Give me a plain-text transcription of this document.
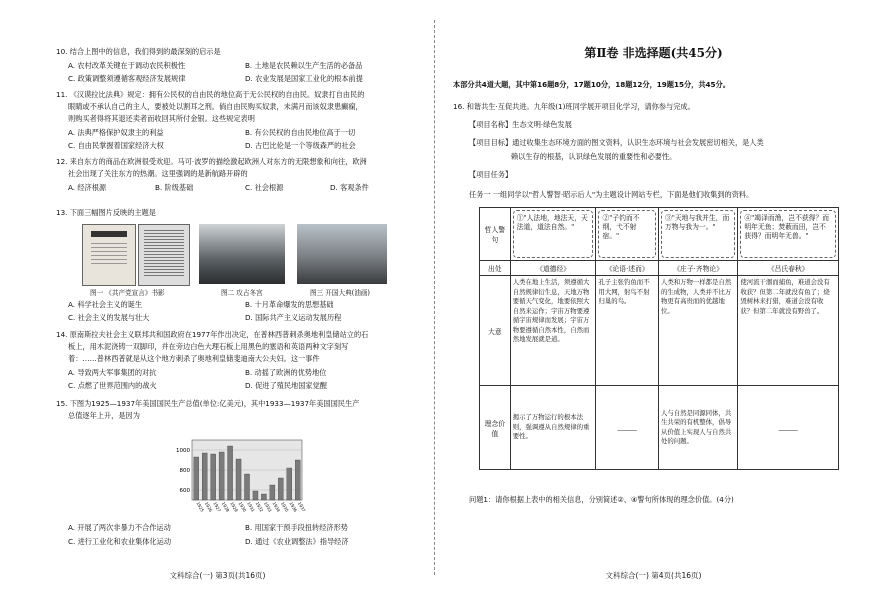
10. 结合上图中的信息，我们得到的最深刻的启示是
A. 农村改革关键在于调动农民积极性	B. 土地是农民赖以生产生活的必备品
C. 政策调整须遵循客观经济发展规律	D. 农业发展是国家工业化的根本前提
11. 《汉谟拉比法典》规定：拥有公民权的自由民的地位高于无公民权的自由民。奴隶打自由民的
眼睛或不承认自己的主人，要被处以割耳之刑。倘自由民购买奴隶，未满月而该奴隶患癫痫，
则购买者得将其退还卖者而收回其所付金银。这些规定表明
A. 法典严格保护奴隶主的利益	B. 有公民权的自由民地位高于一切
C. 自由民掌握着国家经济大权	D. 古巴比伦是一个等级森严的社会
12. 来自东方的商品在欧洲很受欢迎。马可·波罗的描绘激起欧洲人对东方的无限想象和向往，欧洲
社会出现了关注东方的热潮。这里强调的是新航路开辟的
A. 经济根源	B. 阶级基础	C. 社会根源	D. 客观条件
13. 下面三幅图片反映的主题是
图一 《共产党宣言》书影	图二 攻占冬宫	图三 开国大典(油画)
A. 科学社会主义的诞生	B. 十月革命爆发的思想基础
C. 社会主义的发展与壮大	D. 国际共产主义运动发展历程
14. 原南斯拉夫社会主义联邦共和国政府在1977年作出决定，在普林西普刺杀奥地利皇储站立的石
板上，用木泥浇铸一双脚印，并在旁边白色大理石板上用黑色的塞语和英语两种文字刻写
着：……普林西普就是从这个地方刺杀了奥地利皇储斐迪南大公夫妇。这一事件
A. 导致两大军事集团的对抗	B. 动摇了欧洲的优势地位
C. 点燃了世界范围内的战火	D. 促进了殖民地国家觉醒
15. 下图为1925—1937年美国国民生产总值(单位:亿美元)，其中1933—1937年美国国民生产
总值逐年上升，是因为
1000
800
600
1925
1926
1927
1928
1929
1930
1931
1932
1933
1934
1935
1936
1937
A. 开展了两次非暴力不合作运动	B. 用国家干预手段扭转经济形势
C. 进行工业化和农业集体化运动	D. 通过《农业调整法》指导经济
文科综合(一) 第3页(共16页)
第Ⅱ卷 非选择题(共45分)
本部分共4道大题，其中第16题8分，17题10分，18题12分，19题15分，共45分。
16. 和谐共生·互促共进。九年级(1)班同学展开项目化学习，请你参与完成。
【项目名称】生态文明·绿色发展
【项目目标】通过收集生态环境方面的图文资料，认识生态环境与社会发展密切相关，是人类
赖以生存的根基，认识绿色发展的重要性和必要性。
【项目任务】
任务一 一组同学以"哲人警智·昭示后人"为主题设计网站专栏，下面是他们收集到的资料。
哲人警句	①"人法地，地法天，天法道，道法自然。"	②"子钓而不纲，弋不射宿。"	③"天地与我并生，而万物与我为一。"	④"竭泽而渔，岂不获得？而明年无鱼；焚薮而田，岂不获得？而明年无兽。"

出处	《道德经》	《论语·述而》	《庄子·齐物论》	《吕氏春秋》
大意	人类在地上生活，须遵循大自然规律衍生息，天地万物要循天气变化，地要依照大自然来运作；宇宙万物要遵循宇宙规律而发展；宇宙万物要遵循自然本性，自然而然地发展就是道。	孔子主张钓鱼而不用大网，射鸟不射归巢的鸟。	人类和万物一样都是自然的生成物，人类并不比万物更有高贵而的优越地位。	使河流干涸而捕鱼，难道会没有收获？但第二年就没有鱼了；烧毁树林来打猎，难道会没有收获？但第二年就没有野兽了。

理念价值	揭示了万物运行的根本法则，强调遵从自然规律的重要性。	______	人与自然是同源同体，共生共荣的有机整体，倡导从价值上实现人与自然共处的问题。	______
问题1：请你根据上表中的相关信息，分别简述②、④警句所体现的理念价值。(4分)
文科综合(一) 第4页(共16页)
